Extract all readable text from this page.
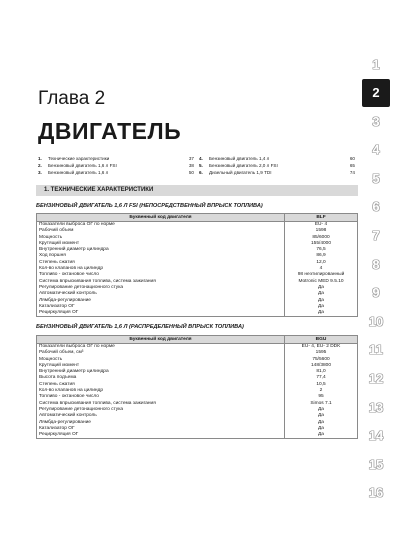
Глава 2
ДВИГАТЕЛЬ
1.	Технические характеристики	37 4.	Бензиновый двигатель 1,4 л	60
2.	Бензиновый двигатель 1,6 л FSI	38 5.	Бензиновый двигатель 2,0 л FSI	65
3.	Бензиновый двигатель 1,6 л	50 6.	Дизельный двигатель 1,9 TDI	74
1. ТЕХНИЧЕСКИЕ ХАРАКТЕРИСТИКИ
БЕНЗИНОВЫЙ ДВИГАТЕЛЬ 1,6 Л FSI (НЕПОСРЕДСТВЕННЫЙ ВПРЫСК ТОПЛИВА)
Буквенный код двигателя	BLF
Показатели выброса ОГ по норме	EU- 4
Рабочий объем	1598
Мощность	85/6000
Крутящий момент	155/4000
Внутренний диаметр цилиндра	76,5
Ход поршня	86,9
Степень сжатия	12,0
Кол-во клапанов на цилиндр	4
Топливо - октановое число	98 неэтилированный
Система впрыскивания топлива, система зажигания	Motronic MED 9.5.10
Регулирование детонационного стука	Да
Автоматический контроль	Да
Лямбда-регулирование	Да
Катализатор ОГ	Да
Рециркуляция ОГ	Да
БЕНЗИНОВЫЙ ДВИГАТЕЛЬ 1,6 Л (РАСПРЕДЕЛЕННЫЙ ВПРЫСК ТОПЛИВА)
Буквенный код двигателя	BGU
Показатели выброса ОГ по норме	EU- 4, EU- 2 DDK
Рабочий объем, см³	1595
Мощность	75/5600
Крутящий момент	148/3800
Внутренний диаметр цилиндра	81,0
Высота подъема	77,4
Степень сжатия	10,5
Кол-во клапанов на цилиндр	2
Топливо - октановое число	95
Система впрыскивания топлива, система зажигания	Simos 7.1
Регулирование детонационного стука	Да
Автоматический контроль	Да
Лямбда-регулирование	Да
Катализатор ОГ	Да
Рециркуляция ОГ	Да
1
2
3
4
5
6
7
8
9
10
11
12
13
14
15
16
